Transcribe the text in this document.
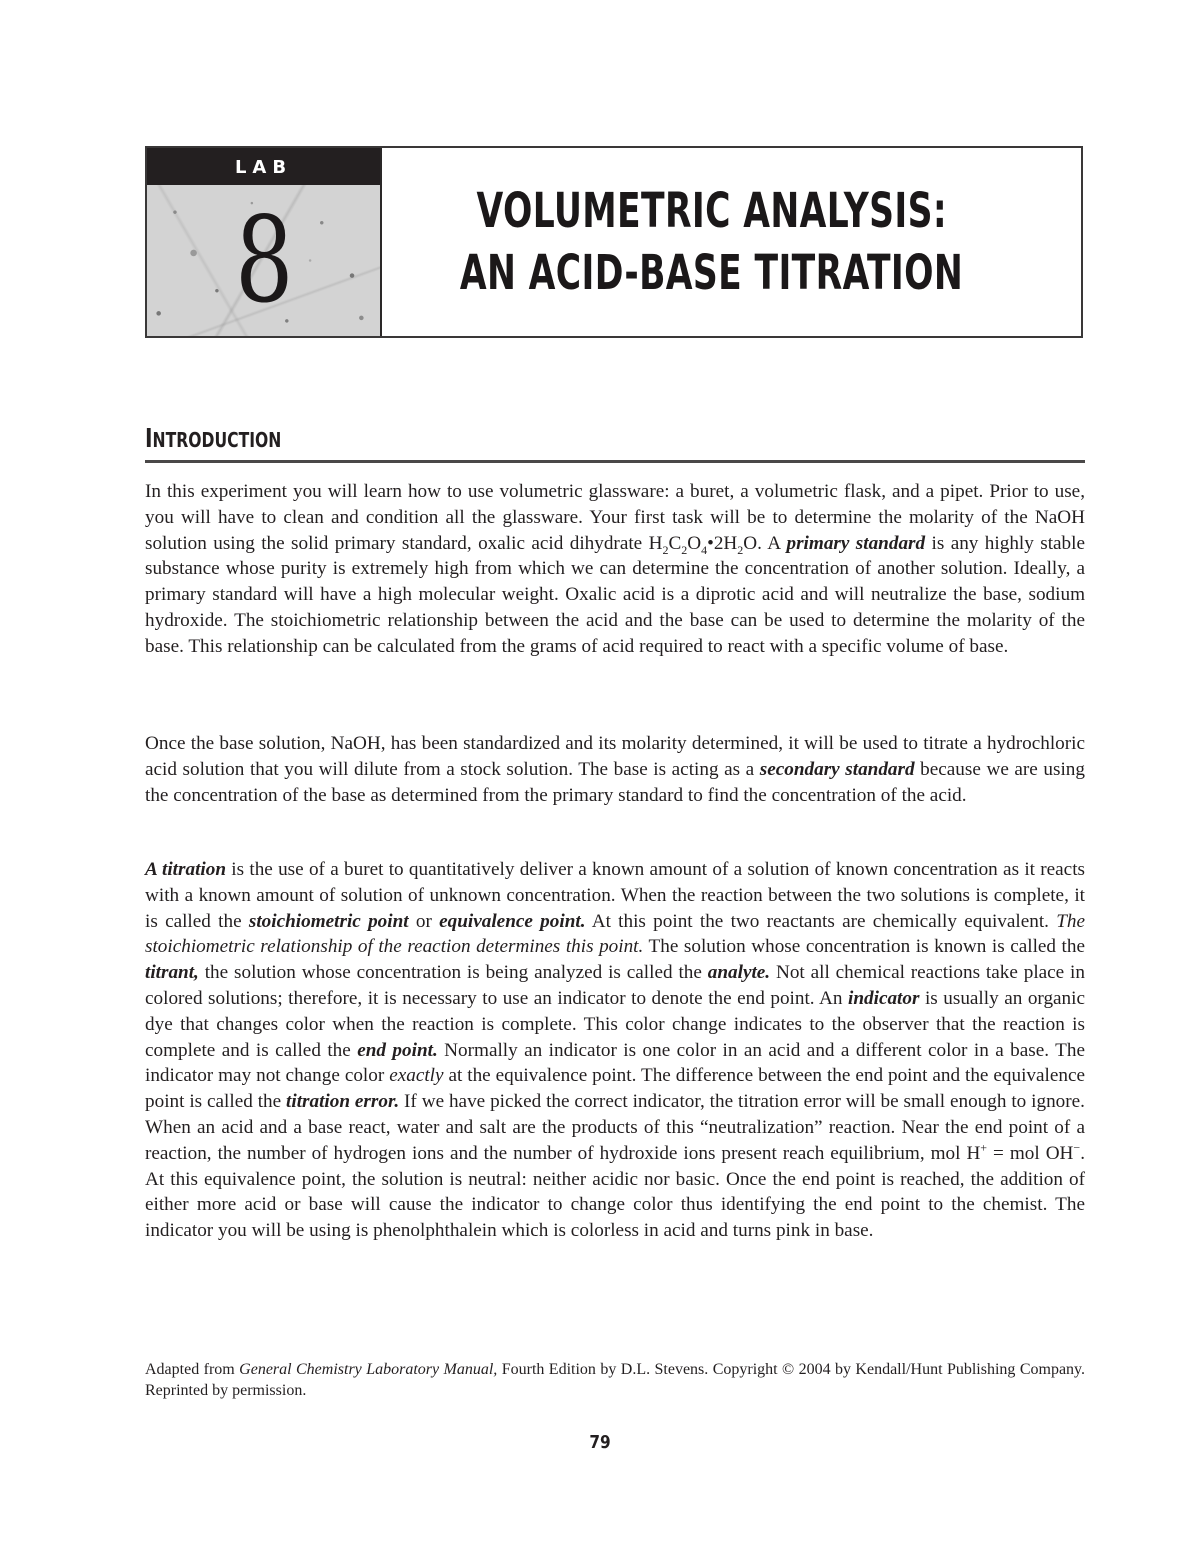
LAB
8	VOLUMETRIC ANALYSIS:
AN ACID-BASE TITRATION
INTRODUCTION

In this experiment you will learn how to use volumetric glassware: a buret, a volumetric flask, and a pipet. Prior to use, you will have to clean and condition all the glassware. Your first task will be to determine the molarity of the NaOH solution using the solid primary standard, oxalic acid dihydrate $H_2C_2O_4•2H_2O$. A primary standard is any highly stable substance whose purity is extremely high from which we can determine the concentration of another solution. Ideally, a primary standard will have a high molecular weight. Oxalic acid is a diprotic acid and will neutralize the base, sodium hydroxide. The stoichiometric relationship between the acid and the base can be used to determine the molarity of the base. This relationship can be calculated from the grams of acid required to react with a specific volume of base.

Once the base solution, NaOH, has been standardized and its molarity determined, it will be used to titrate a hydrochloric acid solution that you will dilute from a stock solution. The base is acting as a secondary standard because we are using the concentration of the base as determined from the primary standard to find the concentration of the acid.

A titration is the use of a buret to quantitatively deliver a known amount of a solution of known concentration as it reacts with a known amount of solution of unknown concentration. When the reaction between the two solutions is complete, it is called the stoichiometric point or equivalence point. At this point the two reactants are chemically equivalent. The stoichiometric relationship of the reaction determines this point. The solution whose concentration is known is called the titrant, the solution whose concentration is being analyzed is called the analyte. Not all chemical reactions take place in colored solutions; therefore, it is necessary to use an indicator to denote the end point. An indicator is usually an organic dye that changes color when the reaction is complete. This color change indicates to the observer that the reaction is complete and is called the end point. Normally an indicator is one color in an acid and a different color in a base. The indicator may not change color exactly at the equivalence point. The difference between the end point and the equivalence point is called the titration error. If we have picked the correct indicator, the titration error will be small enough to ignore. When an acid and a base react, water and salt are the products of this “neutralization” reaction. Near the end point of a reaction, the number of hydrogen ions and the number of hydroxide ions present reach equilibrium, mol H+ = mol OH−. At this equivalence point, the solution is neutral: neither acidic nor basic. Once the end point is reached, the addition of either more acid or base will cause the indicator to change color thus identifying the end point to the chemist. The indicator you will be using is phenolphthalein which is colorless in acid and turns pink in base.

Adapted from General Chemistry Laboratory Manual, Fourth Edition by D.L. Stevens. Copyright © 2004 by Kendall/Hunt Publishing Company. Reprinted by permission.
79
